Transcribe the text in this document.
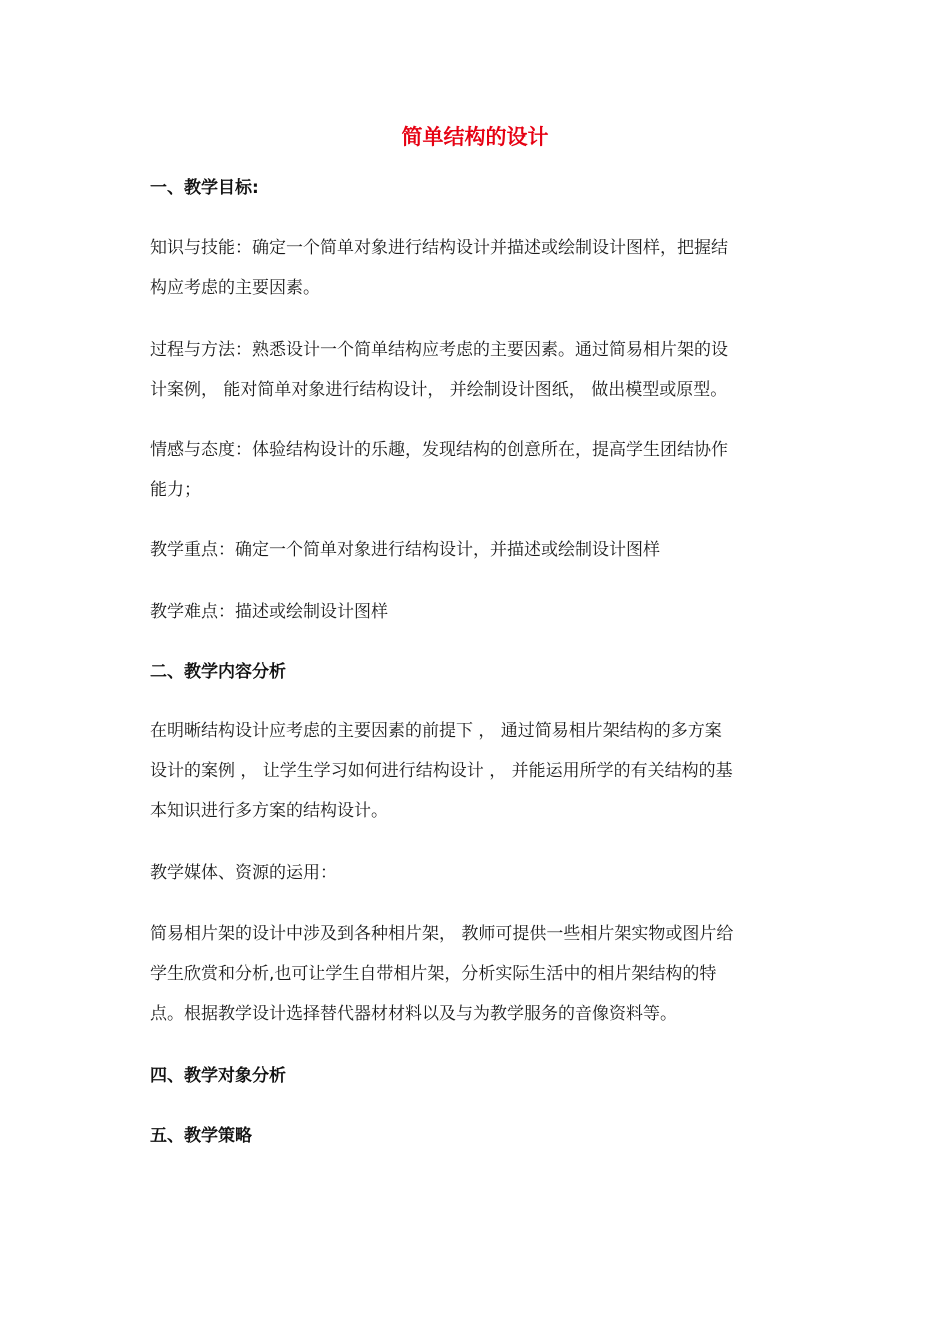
简单结构的设计
一、教学目标:
知识与技能：确定一个简单对象进行结构设计并描述或绘制设计图样，把握结
构应考虑的主要因素。
过程与方法：熟悉设计一个简单结构应考虑的主要因素。通过简易相片架的设
计案例， 能对简单对象进行结构设计， 并绘制设计图纸， 做出模型或原型。
情感与态度：体验结构设计的乐趣，发现结构的创意所在，提高学生团结协作
能力；
教学重点：确定一个简单对象进行结构设计，并描述或绘制设计图样
教学难点：描述或绘制设计图样
二、教学内容分析
在明晰结构设计应考虑的主要因素的前提下 ， 通过简易相片架结构的多方案
设计的案例 ， 让学生学习如何进行结构设计 ， 并能运用所学的有关结构的基
本知识进行多方案的结构设计。
教学媒体、资源的运用：
简易相片架的设计中涉及到各种相片架， 教师可提供一些相片架实物或图片给
学生欣赏和分析,也可让学生自带相片架，分析实际生活中的相片架结构的特
点。根据教学设计选择替代器材材料以及与为教学服务的音像资料等。
四、教学对象分析
五、教学策略
